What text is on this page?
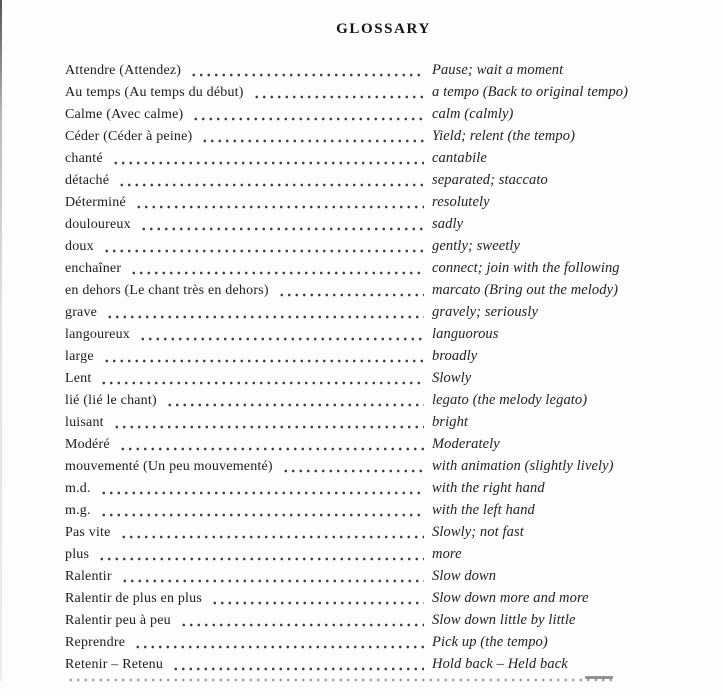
GLOSSARY
Attendre (Attendez)	Pause; wait a moment
Au temps (Au temps du début)	a tempo (Back to original tempo)
Calme (Avec calme)	calm (calmly)
Céder (Céder à peine)	Yield; relent (the tempo)
chanté	cantabile
détaché	separated; staccato
Déterminé	resolutely
douloureux	sadly
doux	gently; sweetly
enchaîner	connect; join with the following
en dehors (Le chant très en dehors)	marcato (Bring out the melody)
grave	gravely; seriously
langoureux	languorous
large	broadly
Lent	Slowly
lié (lié le chant)	legato (the melody legato)
luisant	bright
Modéré	Moderately
mouvementé (Un peu mouvementé)	with animation (slightly lively)
m.d.	with the right hand
m.g.	with the left hand
Pas vite	Slowly; not fast
plus	more
Ralentir	Slow down
Ralentir de plus en plus	Slow down more and more
Ralentir peu à peu	Slow down little by little
Reprendre	Pick up (the tempo)
Retenir – Retenu	Hold back – Held back
